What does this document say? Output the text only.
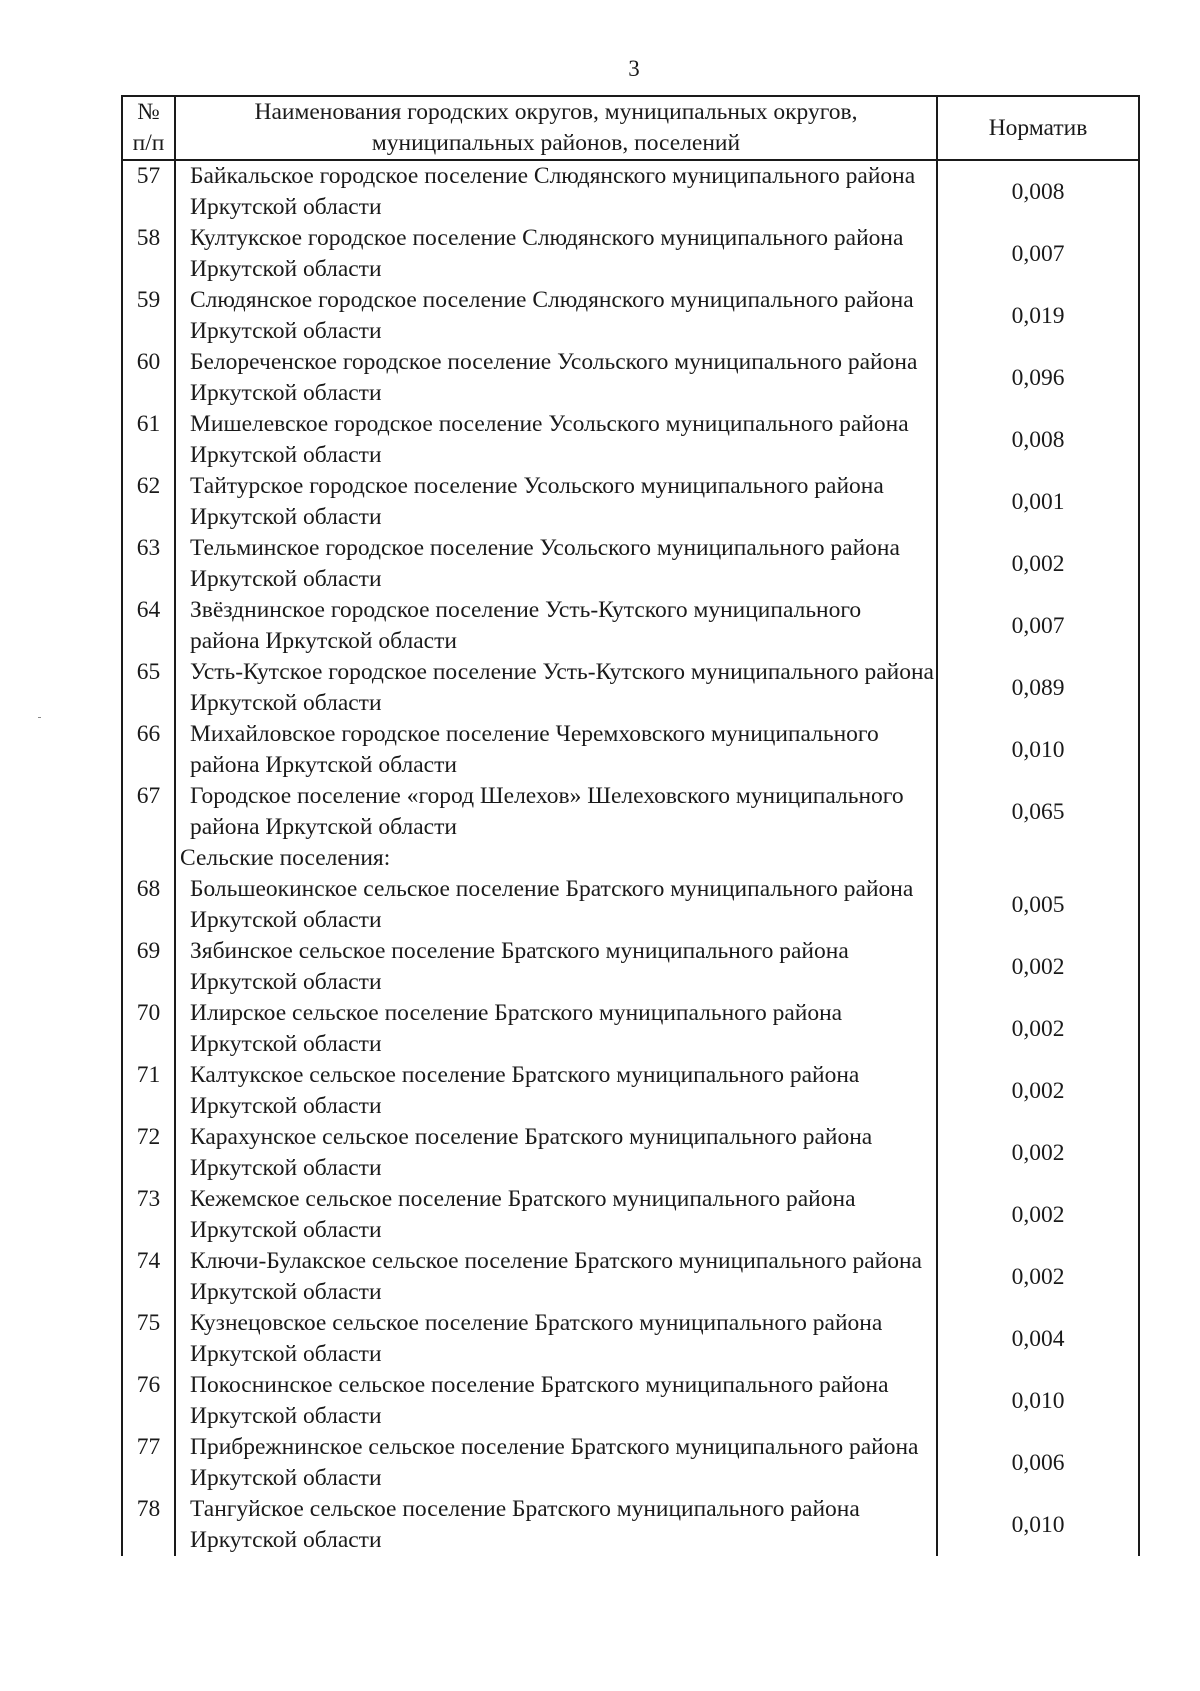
3
№ п/п	Наименования городских округов, муниципальных округов, муниципальных районов, поселений	Норматив
57	Байкальское городское поселение Слюдянского муниципального района Иркутской области	0,008
58	Култукское городское поселение Слюдянского муниципального района Иркутской области	0,007
59	Слюдянское городское поселение Слюдянского муниципального района Иркутской области	0,019
60	Белореченское городское поселение Усольского муниципального района Иркутской области	0,096
61	Мишелевское городское поселение Усольского муниципального района Иркутской области	0,008
62	Тайтурское городское поселение Усольского муниципального района Иркутской области	0,001
63	Тельминское городское поселение Усольского муниципального района Иркутской области	0,002
64	Звёзднинское городское поселение Усть-Кутского муниципального района Иркутской области	0,007
65	Усть-Кутское городское поселение Усть-Кутского муниципального района Иркутской области	0,089
66	Михайловское городское поселение Черемховского муниципального района Иркутской области	0,010
67	Городское поселение «город Шелехов» Шелеховского муниципального района Иркутской области	0,065
	Сельские поселения:	
68	Большеокинское сельское поселение Братского муниципального района Иркутской области	0,005
69	Зябинское сельское поселение Братского муниципального района Иркутской области	0,002
70	Илирское сельское поселение Братского муниципального района Иркутской области	0,002
71	Калтукское сельское поселение Братского муниципального района Иркутской области	0,002
72	Карахунское сельское поселение Братского муниципального района Иркутской области	0,002
73	Кежемское сельское поселение Братского муниципального района Иркутской области	0,002
74	Ключи-Булакское сельское поселение Братского муниципального района Иркутской области	0,002
75	Кузнецовское сельское поселение Братского муниципального района Иркутской области	0,004
76	Покоснинское сельское поселение Братского муниципального района Иркутской области	0,010
77	Прибрежнинское сельское поселение Братского муниципального района Иркутской области	0,006
78	Тангуйское сельское поселение Братского муниципального района Иркутской области	0,010
